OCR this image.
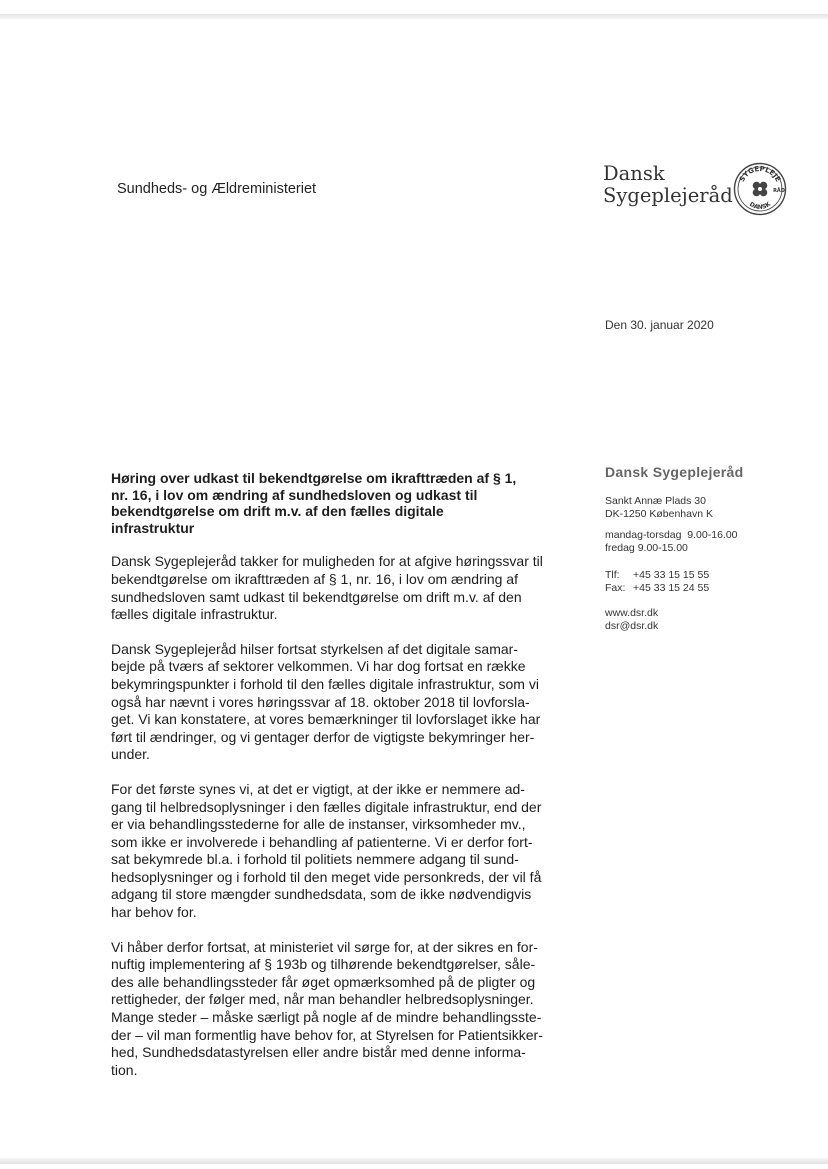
Sundheds- og Ældreministeriet
Dansk
Sygeplejeråd
SYGEPLEJE
DANSK
RÅD
Den 30. januar 2020
Høring over udkast til bekendtgørelse om ikrafttræden af § 1,
nr. 16, i lov om ændring af sundhedsloven og udkast til
bekendtgørelse om drift m.v. af den fælles digitale
infrastruktur
Dansk Sygeplejeråd takker for muligheden for at afgive høringssvar til
bekendtgørelse om ikrafttræden af § 1, nr. 16, i lov om ændring af
sundhedsloven samt udkast til bekendtgørelse om drift m.v. af den
fælles digitale infrastruktur.
Dansk Sygeplejeråd hilser fortsat styrkelsen af det digitale samar-
bejde på tværs af sektorer velkommen. Vi har dog fortsat en række
bekymringspunkter i forhold til den fælles digitale infrastruktur, som vi
også har nævnt i vores høringssvar af 18. oktober 2018 til lovforsla-
get. Vi kan konstatere, at vores bemærkninger til lovforslaget ikke har
ført til ændringer, og vi gentager derfor de vigtigste bekymringer her-
under.
For det første synes vi, at det er vigtigt, at der ikke er nemmere ad-
gang til helbredsoplysninger i den fælles digitale infrastruktur, end der
er via behandlingsstederne for alle de instanser, virksomheder mv.,
som ikke er involverede i behandling af patienterne. Vi er derfor fort-
sat bekymrede bl.a. i forhold til politiets nemmere adgang til sund-
hedsoplysninger og i forhold til den meget vide personkreds, der vil få
adgang til store mængder sundhedsdata, som de ikke nødvendigvis
har behov for.
Vi håber derfor fortsat, at ministeriet vil sørge for, at der sikres en for-
nuftig implementering af § 193b og tilhørende bekendtgørelser, såle-
des alle behandlingssteder får øget opmærksomhed på de pligter og
rettigheder, der følger med, når man behandler helbredsoplysninger.
Mange steder – måske særligt på nogle af de mindre behandlingsste-
der – vil man formentlig have behov for, at Styrelsen for Patientsikker-
hed, Sundhedsdatastyrelsen eller andre bistår med denne informa-
tion.
Dansk Sygeplejeråd
Sankt Annæ Plads 30
DK-1250 København K
mandag-torsdag  9.00-16.00
fredag 9.00-15.00
Tlf: +45 33 15 15 55
Fax: +45 33 15 24 55
www.dsr.dk
dsr@dsr.dk
